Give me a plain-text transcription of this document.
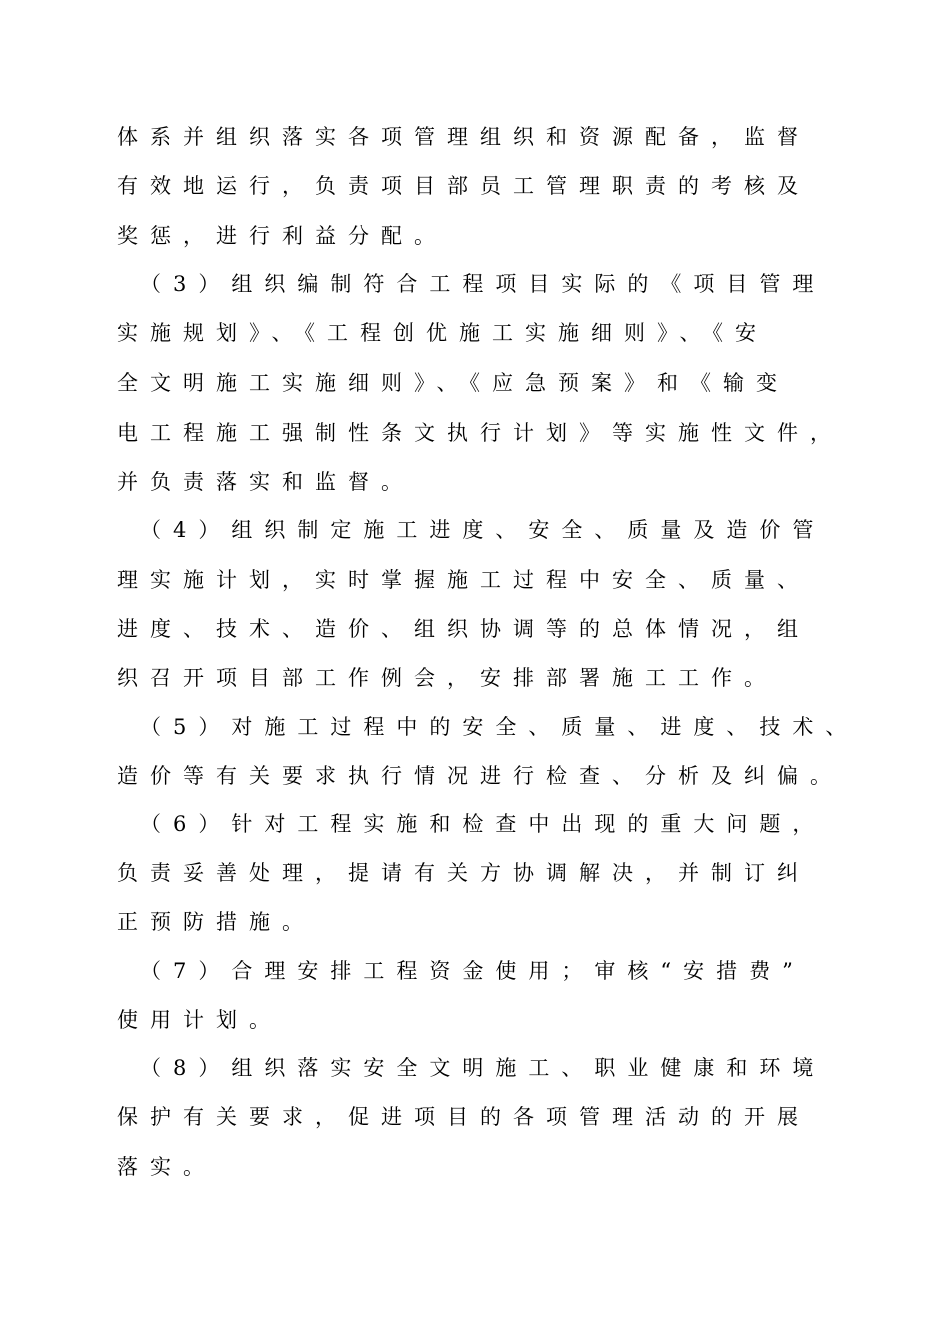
体系并组织落实各项管理组织和资源配备，监督
有效地运行，负责项目部员工管理职责的考核及
奖惩，进行利益分配。
（3）组织编制符合工程项目实际的《项目管理
实施规划》、《工程创优施工实施细则》、《安
全文明施工实施细则》、《应急预案》和《输变
电工程施工强制性条文执行计划》等实施性文件，
并负责落实和监督。
（4）组织制定施工进度、安全、质量及造价管
理实施计划，实时掌握施工过程中安全、质量、
进度、技术、造价、组织协调等的总体情况，组
织召开项目部工作例会，安排部署施工工作。
（5）对施工过程中的安全、质量、进度、技术、
造价等有关要求执行情况进行检查、分析及纠偏。
（6）针对工程实施和检查中出现的重大问题，
负责妥善处理，提请有关方协调解决，并制订纠
正预防措施。
（7）合理安排工程资金使用；审核“安措费”
使用计划。
（8）组织落实安全文明施工、职业健康和环境
保护有关要求，促进项目的各项管理活动的开展
落实。
